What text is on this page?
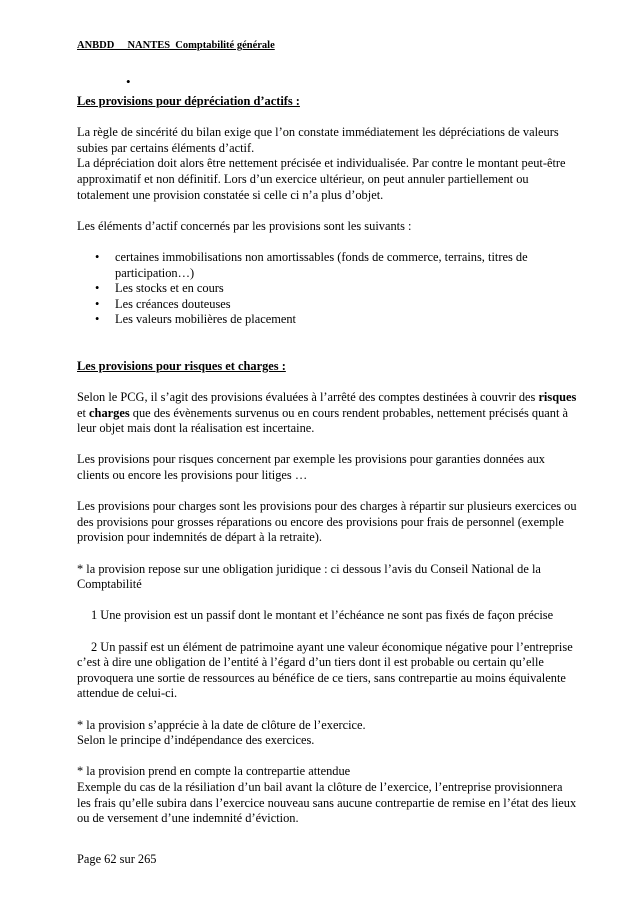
ANBDD     NANTES  Comptabilité générale
•

Les provisions pour dépréciation d’actifs :

La règle de sincérité du bilan exige que l’on constate immédiatement les dépréciations de valeurs subies par certains éléments d’actif.

La dépréciation doit alors être nettement précisée et individualisée. Par contre le montant peut-être approximatif et non définitif. Lors d’un exercice ultérieur, on peut annuler partiellement ou totalement une provision constatée si celle ci n’a plus d’objet.

Les éléments d’actif concernés par les provisions sont les suivants :

• certaines immobilisations non amortissables (fonds de commerce, terrains, titres de participation…)
• Les stocks et en cours
• Les créances douteuses
• Les valeurs mobilières de placement

Les provisions pour risques et charges :

Selon le PCG, il s’agit des provisions évaluées à l’arrêté des comptes destinées à couvrir des risques et charges que des évènements survenus ou en cours rendent probables, nettement précisés quant à leur objet mais dont la réalisation est incertaine.

Les provisions pour risques concernent par exemple les provisions pour garanties données aux clients ou encore les provisions pour litiges …

Les provisions pour charges sont les provisions pour des charges à répartir sur plusieurs exercices ou des provisions pour grosses réparations ou encore des provisions pour frais de personnel (exemple provision pour indemnités de départ à la retraite).

* la provision repose sur une obligation juridique : ci dessous l’avis du Conseil National de la Comptabilité

1 Une provision est un passif dont le montant et l’échéance ne sont pas fixés de façon précise

2 Un passif est un élément de patrimoine ayant une valeur économique négative pour l’entreprise c’est à dire une obligation de l’entité à l’égard d’un tiers dont il est probable ou certain qu’elle provoquera une sortie de ressources au bénéfice de ce tiers, sans contrepartie au moins équivalente attendue de celui-ci.

* la provision s’apprécie à la date de clôture de l’exercice.

Selon le principe d’indépendance des exercices.

* la provision prend en compte la contrepartie attendue

Exemple du cas de la résiliation d’un bail avant la clôture de l’exercice, l’entreprise provisionnera les frais qu’elle subira dans l’exercice nouveau sans aucune contrepartie de remise en l’état des lieux ou de versement d’une indemnité d’éviction.

Page 62 sur 265
